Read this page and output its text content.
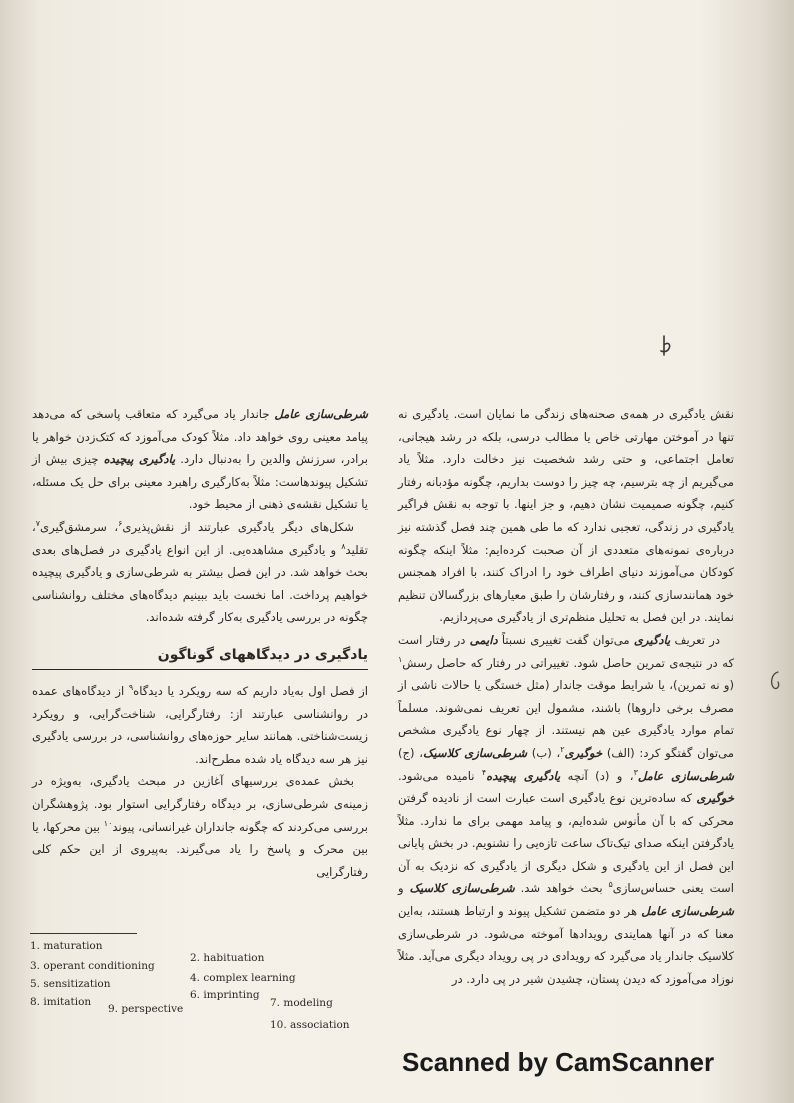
نقش یادگیری در همه‌ی صحنه‌های زندگی ما نمایان است. یادگیری نه تنها در آموختن مهارتی خاص یا مطالب درسی، بلکه در رشد هیجانی، تعامل اجتماعی، و حتی رشد شخصیت نیز دخالت دارد. مثلاً یاد می‌گیریم از چه بترسیم، چه چیز را دوست بداریم، چگونه مؤدبانه رفتار کنیم، چگونه صمیمیت نشان دهیم، و جز اینها. با توجه به نقش فراگیر یادگیری در زندگی، تعجبی ندارد که ما طی همین چند فصل گذشته نیز درباره‌ی نمونه‌های متعددی از آن صحبت کرده‌ایم: مثلاً اینکه چگونه کودکان می‌آموزند دنیای اطراف خود را ادراک کنند، با افراد همجنس خود همانندسازی کنند، و رفتارشان را طبق معیارهای بزرگسالان تنظیم نمایند. در این فصل به تحلیل منظم‌تری از یادگیری می‌پردازیم.

در تعریف یادگیری می‌توان گفت تغییری نسبتاً دایمی در رفتار است که در نتیجه‌ی تمرین حاصل شود. تغییراتی در رفتار که حاصل رسش$^۱$ (و نه تمرین)، یا شرایط موقت جاندار (مثل خستگی یا حالات ناشی از مصرف برخی داروها) باشند، مشمول این تعریف نمی‌شوند. مسلماً تمام موارد یادگیری عین هم نیستند. از چهار نوع یادگیری مشخص می‌توان گفتگو کرد: (الف) خوگیری$^۲$، (ب) شرطی‌سازی کلاسیک، (ج) شرطی‌سازی عامل$^۳$، و (د) آنچه یادگیری پیچیده$^۴$ نامیده می‌شود. خوگیری که ساده‌ترین نوع یادگیری است عبارت است از نادیده گرفتن محرکی که با آن مأنوس شده‌ایم، و پیامد مهمی برای ما ندارد. مثلاً یادگرفتن اینکه صدای تیک‌تاک ساعت تازه‌یی را نشنویم. در بخش پایانی این فصل از این یادگیری و شکل دیگری از یادگیری که نزدیک به آن است یعنی حساس‌سازی$^۵$ بحث خواهد شد. شرطی‌سازی کلاسیک و شرطی‌سازی عامل هر دو متضمن تشکیل پیوند و ارتباط هستند، به‌این معنا که در آنها همایندی رویدادها آموخته می‌شود. در شرطی‌سازی کلاسیک جاندار یاد می‌گیرد که رویدادی در پی رویداد دیگری می‌آید. مثلاً نوزاد می‌آموزد که دیدن پستان، چشیدن شیر در پی دارد. در

شرطی‌سازی عامل جاندار یاد می‌گیرد که متعاقب پاسخی که می‌دهد پیامد معینی روی خواهد داد. مثلاً کودک می‌آموزد که کتک‌زدن خواهر یا برادر، سرزنش والدین را به‌دنبال دارد. یادگیری پیچیده چیزی بیش از تشکیل پیوندهاست: مثلاً به‌کارگیری راهبرد معینی برای حل یک مسئله، یا تشکیل نقشه‌ی ذهنی از محیط خود.

شکل‌های دیگر یادگیری عبارتند از نقش‌پذیری$^۶$، سرمشق‌گیری$^۷$، تقلید$^۸$ و یادگیری مشاهده‌یی. از این انواع یادگیری در فصل‌های بعدی بحث خواهد شد. در این فصل بیشتر به شرطی‌سازی و یادگیری پیچیده خواهیم پرداخت. اما نخست باید ببینیم دیدگاه‌های مختلف روانشناسی چگونه در بررسی یادگیری به‌کار گرفته شده‌اند.

یادگیری در دیدگاههای گوناگون

از فصل اول به‌یاد داریم که سه رویکرد یا دیدگاه$^۹$ از دیدگاه‌های عمده در روانشناسی عبارتند از: رفتارگرایی، شناخت‌گرایی، و رویکرد زیست‌شناختی. همانند سایر حوزه‌های روانشناسی، در بررسی یادگیری نیز هر سه دیدگاه یاد شده مطرح‌اند.

بخش عمده‌ی بررسیهای آغازین در مبحث یادگیری، به‌ویژه در زمینه‌ی شرطی‌سازی، بر دیدگاه رفتارگرایی استوار بود. پژوهشگران بررسی می‌کردند که چگونه جانداران غیرانسانی، پیوند$^{۱۰}$ بین محرکها، یا بین محرک و پاسخ را یاد می‌گیرند. به‌پیروی از این حکم کلی رفتارگرایی

1. maturation
2. habituation
3. operant conditioning
4. complex learning
5. sensitization
6. imprinting
7. modeling
8. imitation
9. perspective
10. association
Scanned by CamScanner
